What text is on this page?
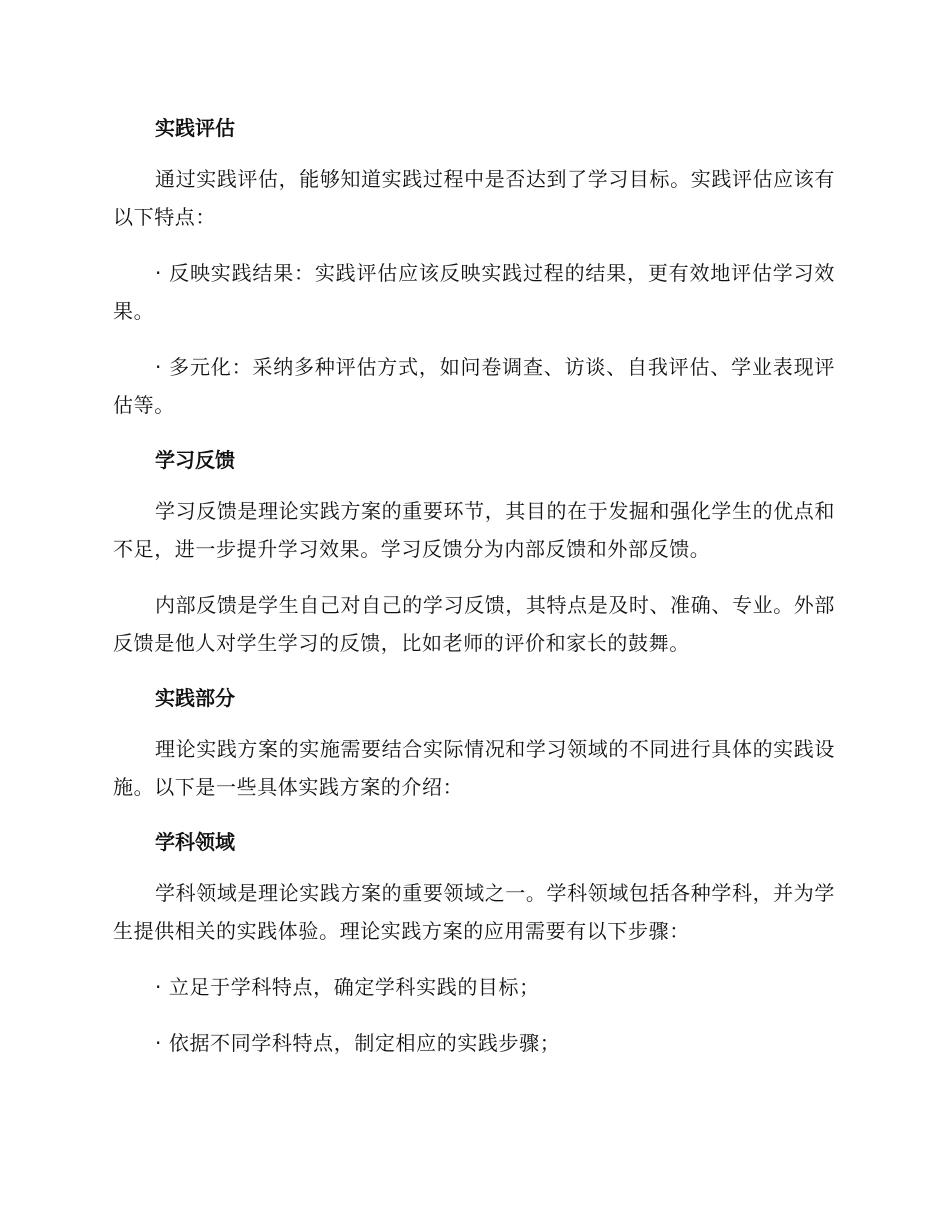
实践评估

通过实践评估，能够知道实践过程中是否达到了学习目标。实践评估应该有以下特点：

· 反映实践结果：实践评估应该反映实践过程的结果，更有效地评估学习效果。

· 多元化：采纳多种评估方式，如问卷调查、访谈、自我评估、学业表现评估等。

学习反馈

学习反馈是理论实践方案的重要环节，其目的在于发掘和强化学生的优点和不足，进一步提升学习效果。学习反馈分为内部反馈和外部反馈。

内部反馈是学生自己对自己的学习反馈，其特点是及时、准确、专业。外部反馈是他人对学生学习的反馈，比如老师的评价和家长的鼓舞。

实践部分

理论实践方案的实施需要结合实际情况和学习领域的不同进行具体的实践设施。以下是一些具体实践方案的介绍：

学科领域

学科领域是理论实践方案的重要领域之一。学科领域包括各种学科，并为学生提供相关的实践体验。理论实践方案的应用需要有以下步骤：

· 立足于学科特点，确定学科实践的目标；

· 依据不同学科特点，制定相应的实践步骤；
